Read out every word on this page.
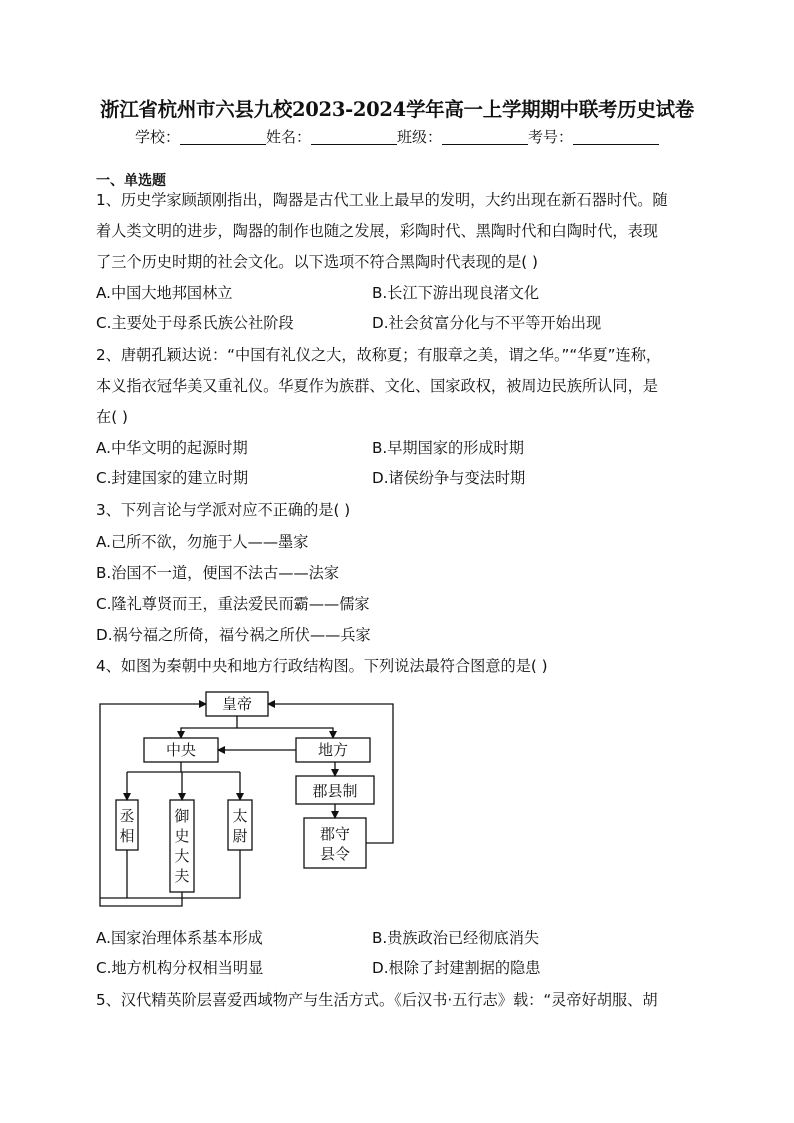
浙江省杭州市六县九校2023-2024学年高一上学期期中联考历史试卷
学校：	姓名：	班级：	考号：
一、单选题
1、历史学家顾颉刚指出，陶器是古代工业上最早的发明，大约出现在新石器时代。随
着人类文明的进步，陶器的制作也随之发展，彩陶时代、黑陶时代和白陶时代，表现
了三个历史时期的社会文化。以下选项不符合黑陶时代表现的是( )
A.中国大地邦国林立	B.长江下游出现良渚文化
C.主要处于母系氏族公社阶段	D.社会贫富分化与不平等开始出现
2、唐朝孔颖达说：“中国有礼仪之大，故称夏；有服章之美，谓之华。”“华夏”连称，
本义指衣冠华美又重礼仪。华夏作为族群、文化、国家政权，被周边民族所认同，是
在( )
A.中华文明的起源时期	B.早期国家的形成时期
C.封建国家的建立时期	D.诸侯纷争与变法时期
3、下列言论与学派对应不正确的是( )
A.己所不欲，勿施于人——墨家
B.治国不一道，便国不法古——法家
C.隆礼尊贤而王，重法爱民而霸——儒家
D.祸兮福之所倚，福兮祸之所伏——兵家
4、如图为秦朝中央和地方行政结构图。下列说法最符合图意的是( )
皇帝
中央	地方
郡县制
郡守
县令
丞
相
御
史
大
夫
太
尉
A.国家治理体系基本形成	B.贵族政治已经彻底消失
C.地方机构分权相当明显	D.根除了封建割据的隐患
5、汉代精英阶层喜爱西域物产与生活方式。《后汉书·五行志》载：“灵帝好胡服、胡
